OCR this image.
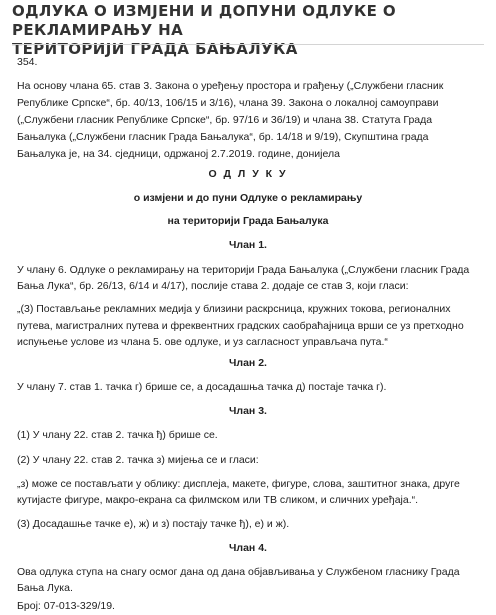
ОДЛУКА О ИЗМЈЕНИ И ДОПУНИ ОДЛУКЕ О РЕКЛАМИРАЊУ НА
ТЕРИТОРИЈИ ГРАДА БАЊАЛУКА

354.

На основу члана 65. став 3. Закона о уређењу простора и грађењу („Службени гласник

Републике Српске“, бр. 40/13, 106/15 и 3/16), члана 39. Закона о локалној самоуправи

(„Службени гласник Републике Српске“, бр. 97/16 и 36/19) и члана 38. Статута Града

Бањалука („Службени гласник Града Бањалука“, бр. 14/18 и 9/19), Скупштина града

Бањалука је, на 34. сједници, одржаној 2.7.2019. године, донијела

О Д Л У К У

о измјени и до пуни Одлуке о рекламирању

на територији Града Бањалука

Члан 1.

У члану 6. Одлуке о рекламирању на територији Града Бањалука („Службени гласник Града

Бања Лука“, бр. 26/13, 6/14 и 4/17), послије става 2. додаје се став 3, који гласи:

„(3) Постављање рекламних медија у близини раскрсница, кружних токова, регионалних

путева, магистралних путева и фреквентних градских саобраћајница врши се уз претходно

испуњење услове из члана 5. ове одлуке, и уз сагласност управљача пута.“

Члан 2.

У члану 7. став 1. тачка г) брише се, а досадашња тачка д) постаје тачка г).

Члан 3.

(1) У члану 22. став 2. тачка ђ) брише се.

(2) У члану 22. став 2. тачка з) мијења се и гласи:

„з) може се постављати у облику: дисплеја, макете, фигуре, слова, заштитног знака, друге

кутијасте фигуре, макро-екрана са филмском или ТВ сликом, и сличних уређаја.“.

(3) Досадашње тачке е), ж) и з) постају тачке ђ), е) и ж).

Члан 4.

Ова одлука ступа на снагу осмог дана од дана објављивања у Службеном гласнику Града

Бања Лука.

Број: 07-013-329/19.
